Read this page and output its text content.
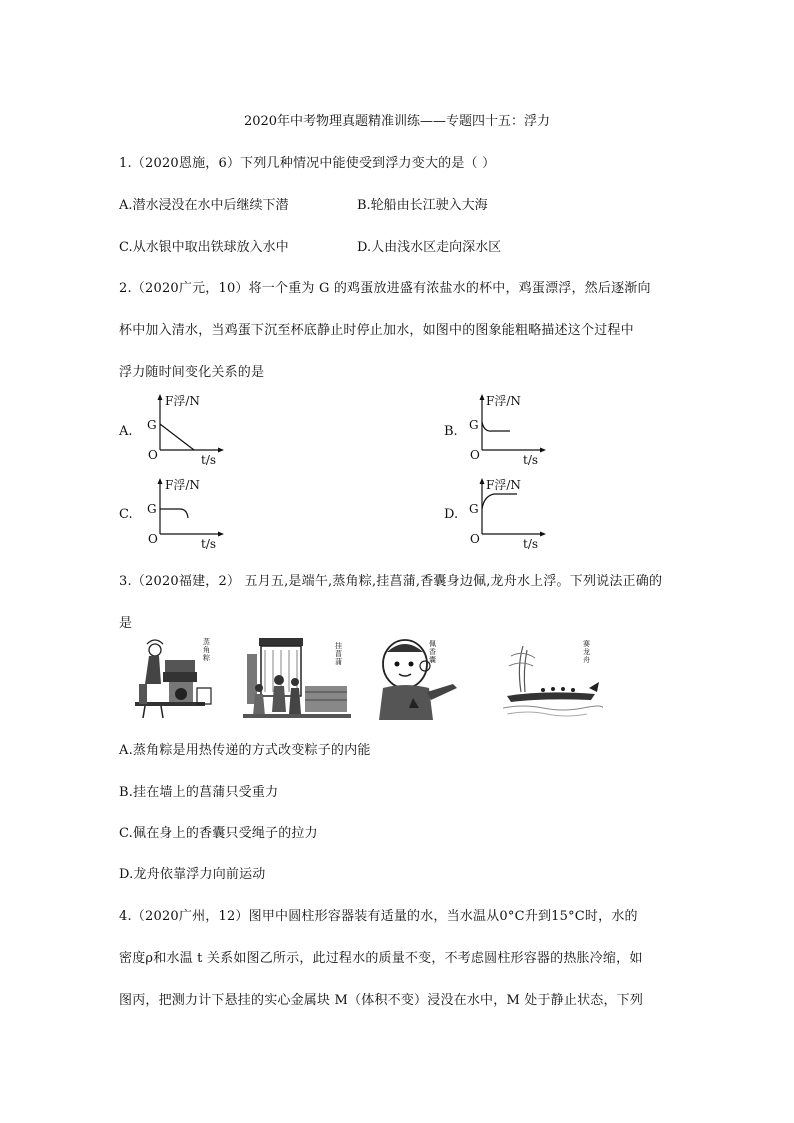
2020年中考物理真题精准训练——专题四十五：浮力
1.（2020恩施，6）下列几种情况中能使受到浮力变大的是（ ）
A.潜水浸没在水中后继续下潜	B.轮船由长江驶入大海
C.从水银中取出铁球放入水中	D.人由浅水区走向深水区
2.（2020广元，10）将一个重为 G 的鸡蛋放进盛有浓盐水的杯中，鸡蛋漂浮，然后逐渐向
杯中加入清水，当鸡蛋下沉至杯底静止时停止加水，如图中的图象能粗略描述这个过程中
浮力随时间变化关系的是
A.
F浮/N
G
O	t/s
B.
F浮/N
G
O	t/s
C.
F浮/N
G
O	t/s
D.
F浮/N
G
O	t/s
3.（2020福建，2） 五月五,是端午,蒸角粽,挂菖蒲,香囊身边佩,龙舟水上浮。下列说法正确的
是
蒸角粽
挂菖蒲
佩香囊
赛龙舟
A.蒸角粽是用热传递的方式改变粽子的内能
B.挂在墙上的菖蒲只受重力
C.佩在身上的香囊只受绳子的拉力
D.龙舟依靠浮力向前运动
4.（2020广州，12）图甲中圆柱形容器装有适量的水，当水温从0°C升到15°C时，水的
密度ρ和水温 t 关系如图乙所示，此过程水的质量不变，不考虑圆柱形容器的热胀冷缩，如
图丙，把测力计下悬挂的实心金属块 M（体积不变）浸没在水中，M 处于静止状态，下列
